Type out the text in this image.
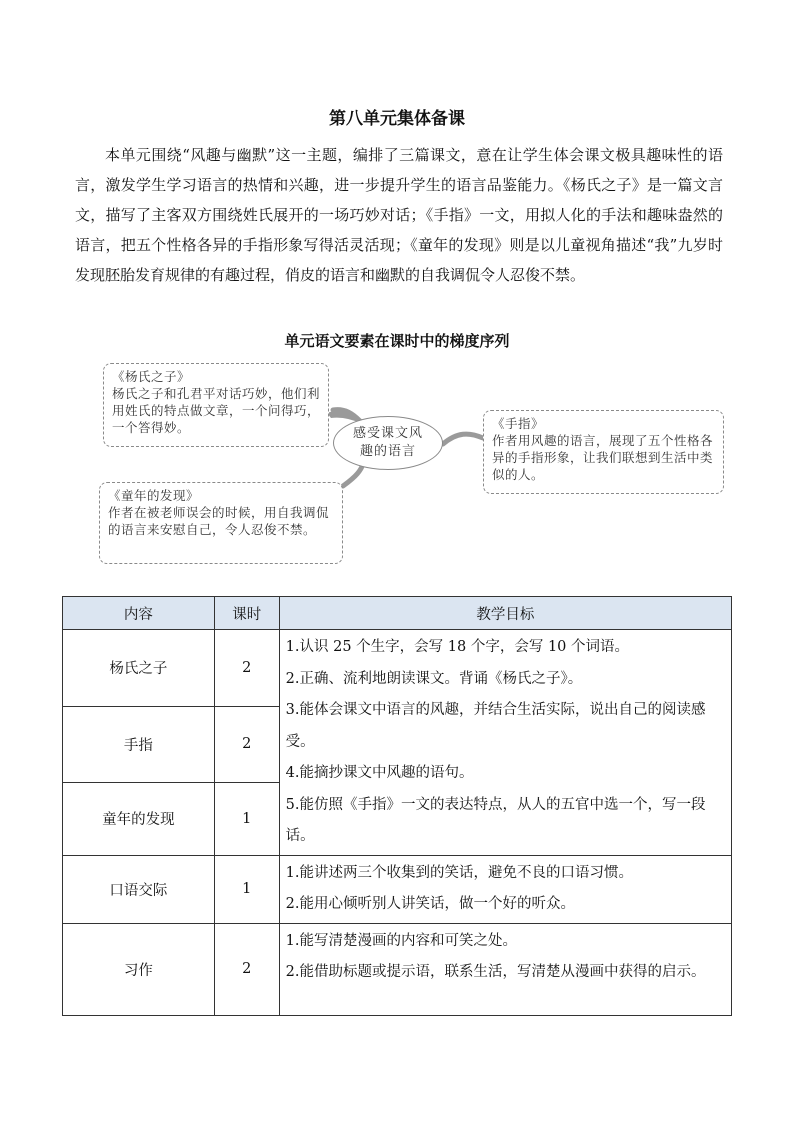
第八单元集体备课

本单元围绕“风趣与幽默”这一主题，编排了三篇课文，意在让学生体会课文极具趣味性的语言，激发学生学习语言的热情和兴趣，进一步提升学生的语言品鉴能力。《杨氏之子》是一篇文言文，描写了主客双方围绕姓氏展开的一场巧妙对话；《手指》一文，用拟人化的手法和趣味盎然的语言，把五个性格各异的手指形象写得活灵活现；《童年的发现》则是以儿童视角描述“我”九岁时发现胚胎发育规律的有趣过程，俏皮的语言和幽默的自我调侃令人忍俊不禁。

单元语文要素在课时中的梯度序列
《杨氏之子》
杨氏之子和孔君平对话巧妙，他们利用姓氏的特点做文章，一个问得巧，一个答得妙。	感受课文风趣的语言
《手指》
作者用风趣的语言，展现了五个性格各异的手指形象，让我们联想到生活中类似的人。
《童年的发现》
作者在被老师误会的时候，用自我调侃的语言来安慰自己，令人忍俊不禁。
内容	课时	教学目标
杨氏之子	2	1.认识 25 个生字，会写 18 个字，会写 10 个词语。
2.正确、流利地朗读课文。背诵《杨氏之子》。
3.能体会课文中语言的风趣，并结合生活实际，说出自己的阅读感受。
4.能摘抄课文中风趣的语句。
5.能仿照《手指》一文的表达特点，从人的五官中选一个，写一段话。

手指	2	
童年的发现	1	
口语交际	1	1.能讲述两三个收集到的笑话，避免不良的口语习惯。
2.能用心倾听别人讲笑话，做一个好的听众。

习作	2	1.能写清楚漫画的内容和可笑之处。
2.能借助标题或提示语，联系生活，写清楚从漫画中获得的启示。
